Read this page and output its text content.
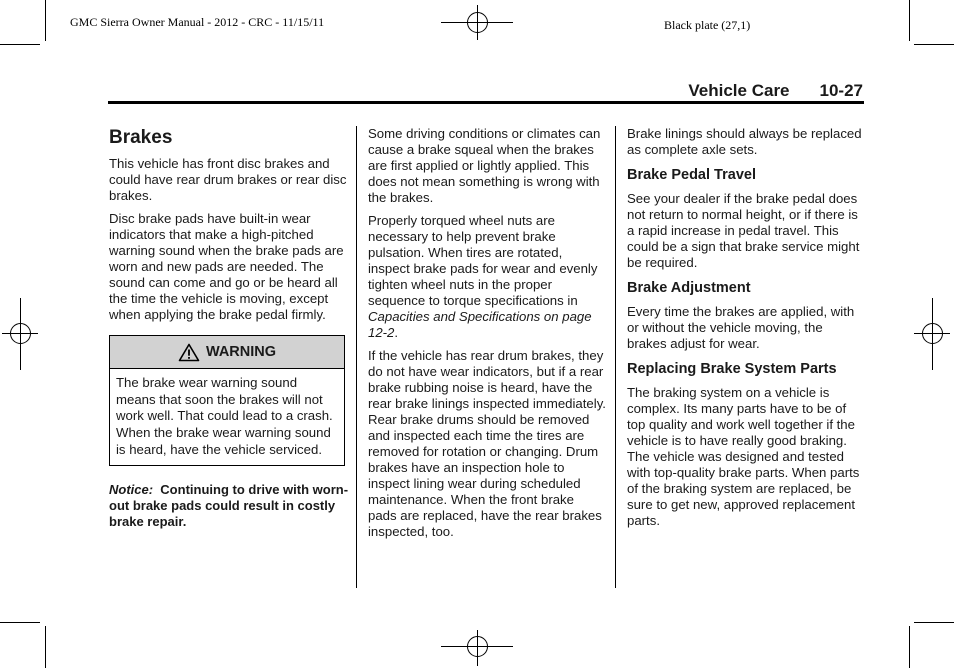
GMC Sierra Owner Manual - 2012 - CRC - 11/15/11	Black plate (27,1)
Vehicle Care 10-27
Brakes

This vehicle has front disc brakes and could have rear drum brakes or rear disc brakes.

Disc brake pads have built-in wear indicators that make a high-pitched warning sound when the brake pads are worn and new pads are needed. The sound can come and go or be heard all the time the vehicle is moving, except when applying the brake pedal firmly.

WARNING
The brake wear warning sound means that soon the brakes will not work well. That could lead to a crash. When the brake wear warning sound is heard, have the vehicle serviced.
Notice: Continuing to drive with worn-out brake pads could result in costly brake repair.

Some driving conditions or climates can cause a brake squeal when the brakes are first applied or lightly applied. This does not mean something is wrong with the brakes.

Properly torqued wheel nuts are necessary to help prevent brake pulsation. When tires are rotated, inspect brake pads for wear and evenly tighten wheel nuts in the proper sequence to torque specifications in Capacities and Specifications on page 12-2.

If the vehicle has rear drum brakes, they do not have wear indicators, but if a rear brake rubbing noise is heard, have the rear brake linings inspected immediately. Rear brake drums should be removed and inspected each time the tires are removed for rotation or changing. Drum brakes have an inspection hole to inspect lining wear during scheduled maintenance. When the front brake pads are replaced, have the rear brakes inspected, too.

Brake linings should always be replaced as complete axle sets.

Brake Pedal Travel

See your dealer if the brake pedal does not return to normal height, or if there is a rapid increase in pedal travel. This could be a sign that brake service might be required.

Brake Adjustment

Every time the brakes are applied, with or without the vehicle moving, the brakes adjust for wear.

Replacing Brake System Parts

The braking system on a vehicle is complex. Its many parts have to be of top quality and work well together if the vehicle is to have really good braking. The vehicle was designed and tested with top-quality brake parts. When parts of the braking system are replaced, be sure to get new, approved replacement parts.
